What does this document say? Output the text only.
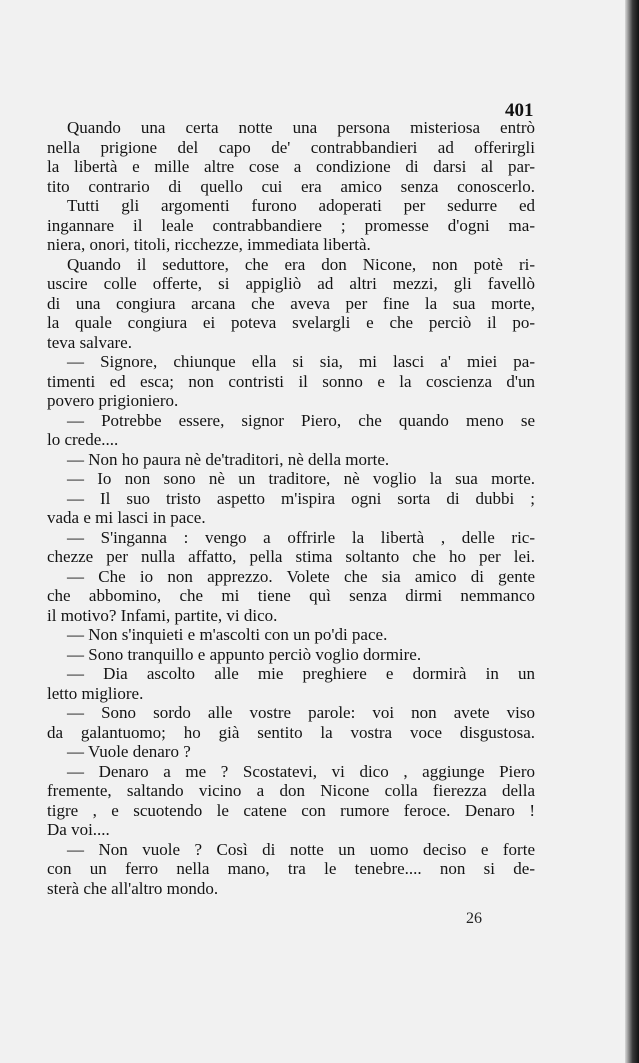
401
Quando una certa notte una persona misteriosa entrò
nella prigione del capo de' contrabbandieri ad offerirgli
la libertà e mille altre cose a condizione di darsi al par-
tito contrario di quello cui era amico senza conoscerlo.
Tutti gli argomenti furono adoperati per sedurre ed
ingannare il leale contrabbandiere ; promesse d'ogni ma-
niera, onori, titoli, ricchezze, immediata libertà.
Quando il seduttore, che era don Nicone, non potè ri-
uscire colle offerte, si appigliò ad altri mezzi, gli favellò
di una congiura arcana che aveva per fine la sua morte,
la quale congiura ei poteva svelargli e che perciò il po-
teva salvare.
— Signore, chiunque ella si sia, mi lasci a' miei pa-
timenti ed esca; non contristi il sonno e la coscienza d'un
povero prigioniero.
— Potrebbe essere, signor Piero, che quando meno se
lo crede....
— Non ho paura nè de'traditori, nè della morte.
— Io non sono nè un traditore, nè voglio la sua morte.
— Il suo tristo aspetto m'ispira ogni sorta di dubbi ;
vada e mi lasci in pace.
— S'inganna : vengo a offrirle la libertà , delle ric-
chezze per nulla affatto, pella stima soltanto che ho per lei.
— Che io non apprezzo. Volete che sia amico di gente
che abbomino, che mi tiene quì senza dirmi nemmanco
il motivo? Infami, partite, vi dico.
— Non s'inquieti e m'ascolti con un po'di pace.
— Sono tranquillo e appunto perciò voglio dormire.
— Dia ascolto alle mie preghiere e dormirà in un
letto migliore.
— Sono sordo alle vostre parole: voi non avete viso
da galantuomo; ho già sentito la vostra voce disgustosa.
— Vuole denaro ?
— Denaro a me ? Scostatevi, vi dico , aggiunge Piero
fremente, saltando vicino a don Nicone colla fierezza della
tigre , e scuotendo le catene con rumore feroce. Denaro !
Da voi....
— Non vuole ? Così di notte un uomo deciso e forte
con un ferro nella mano, tra le tenebre.... non si de-
sterà che all'altro mondo.
26
